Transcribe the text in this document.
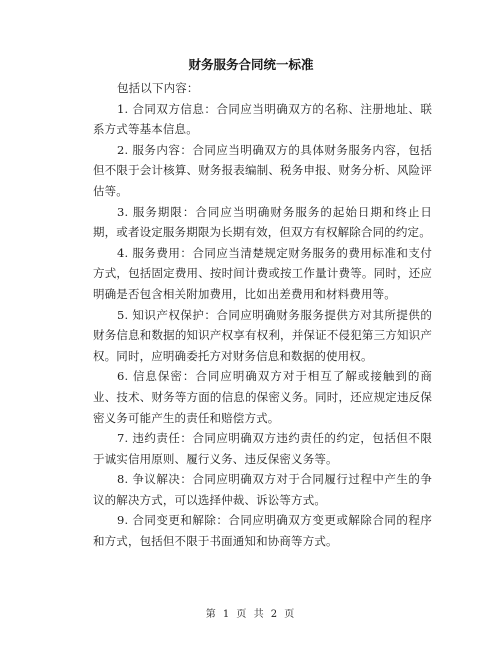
财务服务合同统一标准

包括以下内容：

1. 合同双方信息：合同应当明确双方的名称、注册地址、联系方式等基本信息。

2. 服务内容：合同应当明确双方的具体财务服务内容，包括但不限于会计核算、财务报表编制、税务申报、财务分析、风险评估等。

3. 服务期限：合同应当明确财务服务的起始日期和终止日期，或者设定服务期限为长期有效，但双方有权解除合同的约定。

4. 服务费用：合同应当清楚规定财务服务的费用标准和支付方式，包括固定费用、按时间计费或按工作量计费等。同时，还应明确是否包含相关附加费用，比如出差费用和材料费用等。

5. 知识产权保护：合同应明确财务服务提供方对其所提供的财务信息和数据的知识产权享有权利，并保证不侵犯第三方知识产权。同时，应明确委托方对财务信息和数据的使用权。

6. 信息保密：合同应明确双方对于相互了解或接触到的商业、技术、财务等方面的信息的保密义务。同时，还应规定违反保密义务可能产生的责任和赔偿方式。

7. 违约责任：合同应明确双方违约责任的约定，包括但不限于诚实信用原则、履行义务、违反保密义务等。

8. 争议解决：合同应明确双方对于合同履行过程中产生的争议的解决方式，可以选择仲裁、诉讼等方式。

9. 合同变更和解除：合同应明确双方变更或解除合同的程序和方式，包括但不限于书面通知和协商等方式。

第 1 页 共 2 页
